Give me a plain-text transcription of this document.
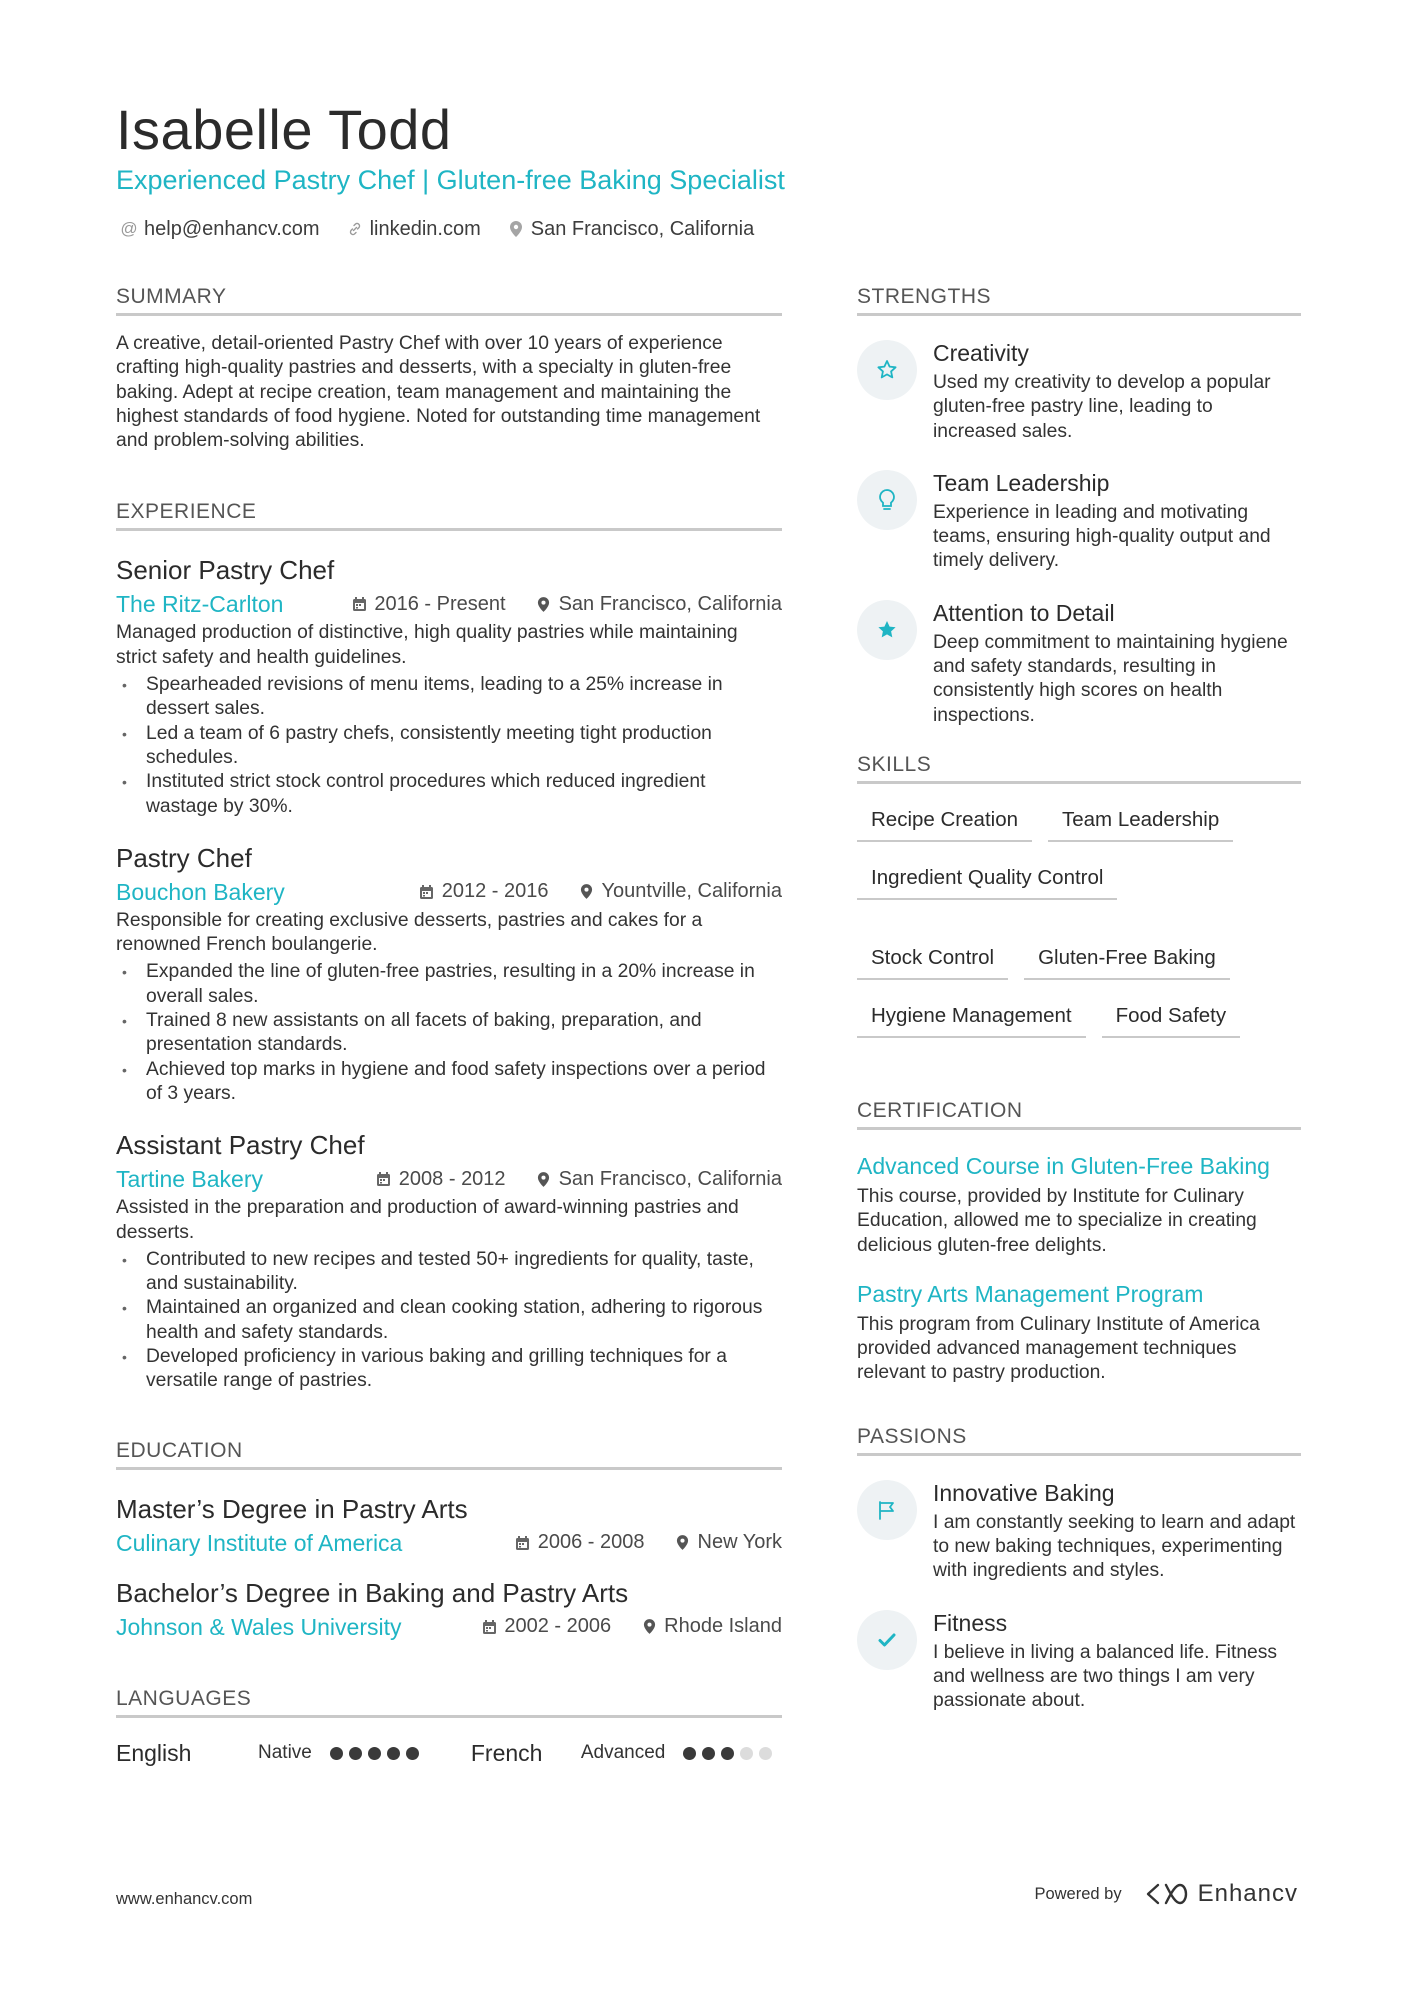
Isabelle Todd
Experienced Pastry Chef | Gluten-free Baking Specialist
@ help@enhancv.com	linkedin.com	San Francisco, California
SUMMARY
A creative, detail-oriented Pastry Chef with over 10 years of experience crafting high-quality pastries and desserts, with a specialty in gluten-free baking. Adept at recipe creation, team management and maintaining the highest standards of food hygiene. Noted for outstanding time management and problem-solving abilities.
EXPERIENCE
Senior Pastry Chef
The Ritz-Carlton	2016 - Present	San Francisco, California
Managed production of distinctive, high quality pastries while maintaining strict safety and health guidelines.
• Spearheaded revisions of menu items, leading to a 25% increase in dessert sales.
• Led a team of 6 pastry chefs, consistently meeting tight production schedules.
• Instituted strict stock control procedures which reduced ingredient wastage by 30%.
Pastry Chef
Bouchon Bakery	2012 - 2016	Yountville, California
Responsible for creating exclusive desserts, pastries and cakes for a renowned French boulangerie.
• Expanded the line of gluten-free pastries, resulting in a 20% increase in overall sales.
• Trained 8 new assistants on all facets of baking, preparation, and presentation standards.
• Achieved top marks in hygiene and food safety inspections over a period of 3 years.
Assistant Pastry Chef
Tartine Bakery	2008 - 2012	San Francisco, California
Assisted in the preparation and production of award-winning pastries and desserts.
• Contributed to new recipes and tested 50+ ingredients for quality, taste, and sustainability.
• Maintained an organized and clean cooking station, adhering to rigorous health and safety standards.
• Developed proficiency in various baking and grilling techniques for a versatile range of pastries.
EDUCATION
Master’s Degree in Pastry Arts
Culinary Institute of America	2006 - 2008	New York
Bachelor’s Degree in Baking and Pastry Arts
Johnson & Wales University	2002 - 2006	Rhode Island
LANGUAGES
English	Native	French	Advanced
STRENGTHS
Creativity
Used my creativity to develop a popular gluten-free pastry line, leading to increased sales.
Team Leadership
Experience in leading and motivating teams, ensuring high-quality output and timely delivery.
Attention to Detail
Deep commitment to maintaining hygiene and safety standards, resulting in consistently high scores on health inspections.
SKILLS
Recipe Creation	Team Leadership
Ingredient Quality Control
Stock Control	Gluten-Free Baking
Hygiene Management	Food Safety
CERTIFICATION
Advanced Course in Gluten-Free Baking
This course, provided by Institute for Culinary Education, allowed me to specialize in creating delicious gluten-free delights.
Pastry Arts Management Program
This program from Culinary Institute of America provided advanced management techniques relevant to pastry production.
PASSIONS
Innovative Baking
I am constantly seeking to learn and adapt to new baking techniques, experimenting with ingredients and styles.
Fitness
I believe in living a balanced life. Fitness and wellness are two things I am very passionate about.
www.enhancv.com	Powered by	Enhancv
